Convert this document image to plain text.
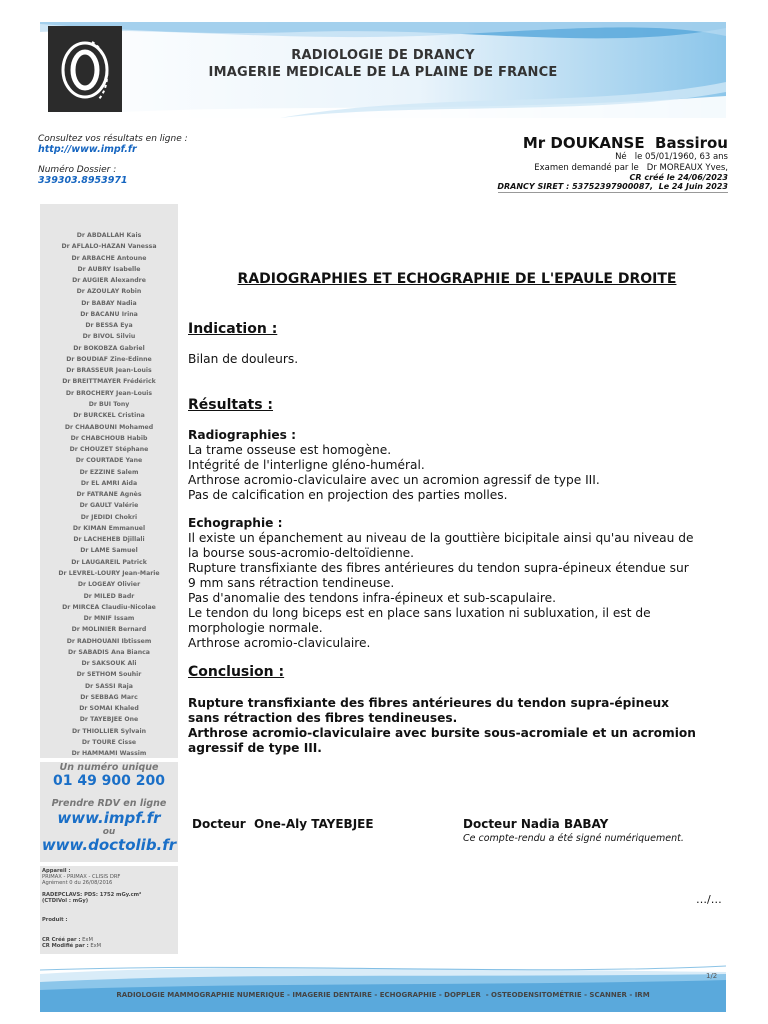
RADIOLOGIE DE DRANCY
IMAGERIE MEDICALE DE LA PLAINE DE FRANCE
Consultez vos résultats en ligne :
http://www.impf.fr
Numéro Dossier :
339303.8953971
Mr DOUKANSE  Bassirou
Né   le 05/01/1960, 63 ans
Examen demandé par le   Dr MOREAUX Yves,
CR créé le 24/06/2023
DRANCY SIRET : 53752397900087,  Le 24 Juin 2023
Dr ABDALLAH Kais
Dr AFLALO-HAZAN Vanessa
Dr ARBACHE Antoune
Dr AUBRY Isabelle
Dr AUGIER Alexandre
Dr AZOULAY Robin
Dr BABAY Nadia
Dr BACANU Irina
Dr BESSA Eya
Dr BIVOL Silviu
Dr BOKOBZA Gabriel
Dr BOUDIAF Zine-Edinne
Dr BRASSEUR Jean-Louis
Dr BREITTMAYER Frédérick
Dr BROCHERY Jean-Louis
Dr BUI Tony
Dr BURCKEL Cristina
Dr CHAABOUNI Mohamed
Dr CHABCHOUB Habib
Dr CHOUZET Stéphane
Dr COURTADE Yane
Dr EZZINE Salem
Dr EL AMRI Aida
Dr FATRANE Agnès
Dr GAULT Valérie
Dr JEDIDI Chokri
Dr KIMAN Emmanuel
Dr LACHEHEB Djillali
Dr LAME Samuel
Dr LAUGAREIL Patrick
Dr LEVREL-LOURY Jean-Marie
Dr LOGEAY Olivier
Dr MILED Badr
Dr MIRCEA Claudiu-Nicolae
Dr MNIF Issam
Dr MOLINIER Bernard
Dr RADHOUANI Ibtissem
Dr SABADIS Ana Bianca
Dr SAKSOUK Ali
Dr SETHOM Souhir
Dr SASSI Raja
Dr SEBBAG Marc
Dr SOMAI Khaled
Dr TAYEBJEE One
Dr THIOLLIER Sylvain
Dr TOURE Cisse
Dr HAMMAMI Wassim
Un numéro unique
01 49 900 200
Prendre RDV en ligne
www.impf.fr
ou
www.doctolib.fr
Appareil :
PRIMAX - PRIMAX - CLISIS DRF
Agrément 0 du 26/08/2016
RADEPCLAVS: PDS: 1752 mGy.cm²
(CTDIVol : mGy)
Produit :
CR Créé par : ExM
CR Modifié par : ExM
RADIOGRAPHIES ET ECHOGRAPHIE DE L'EPAULE DROITE
Indication :
Bilan de douleurs.
Résultats :
Radiographies :
La trame osseuse est homogène.
Intégrité de l'interligne gléno-huméral.
Arthrose acromio-claviculaire avec un acromion agressif de type III.
Pas de calcification en projection des parties molles.
Echographie :
Il existe un épanchement au niveau de la gouttière bicipitale ainsi qu'au niveau de
la bourse sous-acromio-deltoïdienne.
Rupture transfixiante des fibres antérieures du tendon supra-épineux étendue sur
9 mm sans rétraction tendineuse.
Pas d'anomalie des tendons infra-épineux et sub-scapulaire.
Le tendon du long biceps est en place sans luxation ni subluxation, il est de
morphologie normale.
Arthrose acromio-claviculaire.
Conclusion :
Rupture transfixiante des fibres antérieures du tendon supra-épineux
sans rétraction des fibres tendineuses.
Arthrose acromio-claviculaire avec bursite sous-acromiale et un acromion
agressif de type III.
Docteur  One-Aly TAYEBJEE	Docteur Nadia BABAY
Ce compte-rendu a été signé numériquement.
…/…
1/2
RADIOLOGIE MAMMOGRAPHIE NUMERIQUE - IMAGERIE DENTAIRE - ECHOGRAPHIE - DOPPLER  - OSTEODENSITOMÉTRIE - SCANNER - IRM
